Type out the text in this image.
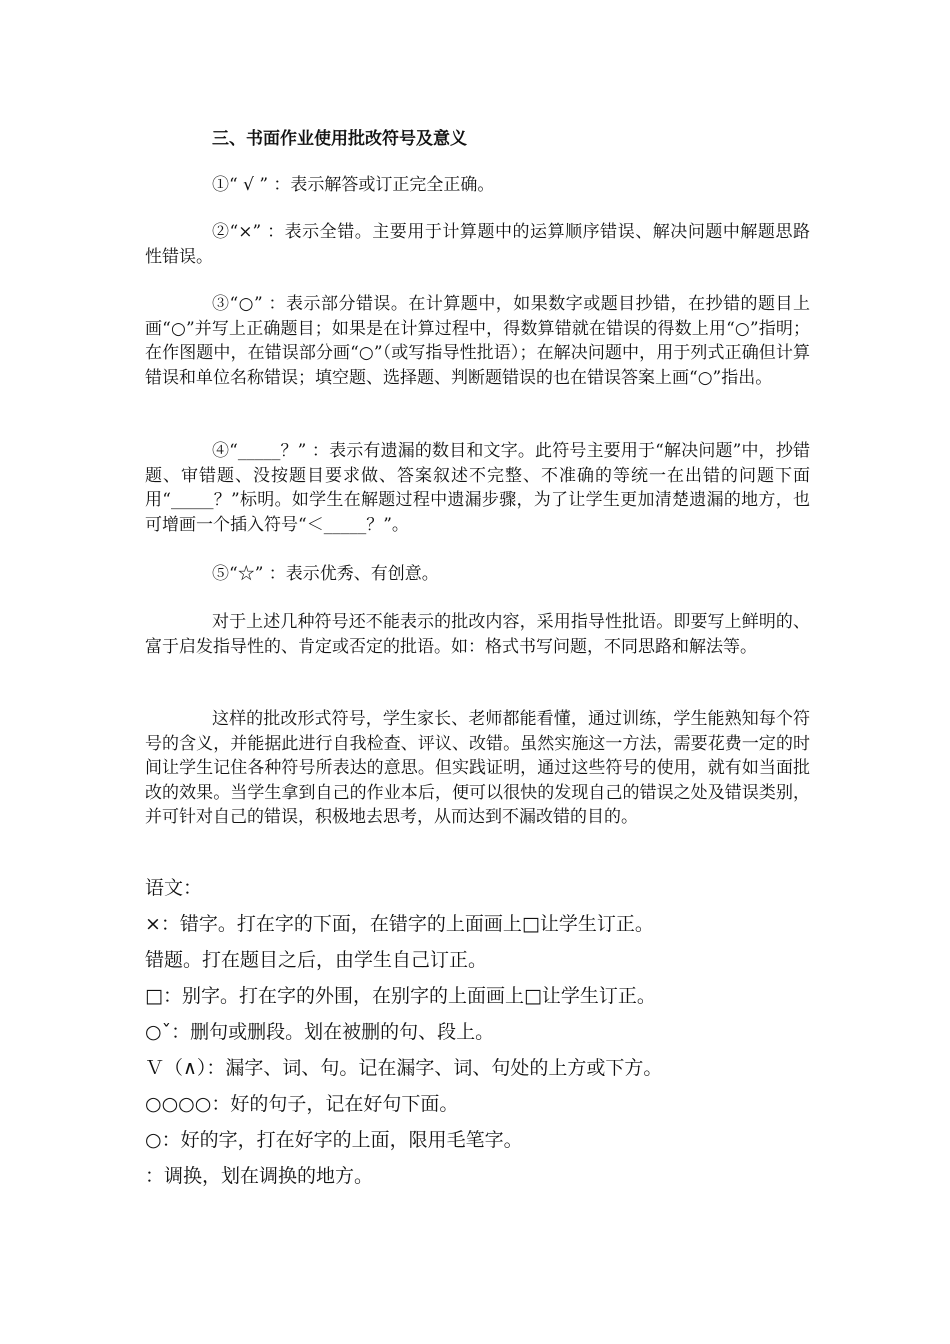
三、书面作业使用批改符号及意义

①“ √ ” ：表示解答或订正完全正确。

②“×” ：表示全错。主要用于计算题中的运算顺序错误、解决问题中解题思路性错误。

③“○” ：表示部分错误。在计算题中，如果数字或题目抄错，在抄错的题目上画“○”并写上正确题目；如果是在计算过程中，得数算错就在错误的得数上用“○”指明；在作图题中，在错误部分画“○”（或写指导性批语）；在解决问题中，用于列式正确但计算错误和单位名称错误；填空题、选择题、判断题错误的也在错误答案上画“○”指出。

④“_____？” ：表示有遗漏的数目和文字。此符号主要用于“解决问题”中，抄错题、审错题、没按题目要求做、答案叙述不完整、不准确的等统一在出错的问题下面用“_____？”标明。如学生在解题过程中遗漏步骤，为了让学生更加清楚遗漏的地方，也可增画一个插入符号“＜_____？”。

⑤“☆” ：表示优秀、有创意。

对于上述几种符号还不能表示的批改内容，采用指导性批语。即要写上鲜明的、富于启发指导性的、肯定或否定的批语。如：格式书写问题，不同思路和解法等。

这样的批改形式符号，学生家长、老师都能看懂，通过训练，学生能熟知每个符号的含义，并能据此进行自我检查、评议、改错。虽然实施这一方法，需要花费一定的时间让学生记住各种符号所表达的意思。但实践证明，通过这些符号的使用，就有如当面批改的效果。当学生拿到自己的作业本后，便可以很快的发现自己的错误之处及错误类别，并可针对自己的错误，积极地去思考，从而达到不漏改错的目的。

语文：
×：错字。打在字的下面，在错字的上面画上□让学生订正。
错题。打在题目之后，由学生自己订正。
□：别字。打在字的外围，在别字的上面画上□让学生订正。
○ˇ：删句或删段。划在被删的句、段上。
Ｖ（∧）：漏字、词、句。记在漏字、词、句处的上方或下方。
○○○○：好的句子，记在好句下面。
○：好的字，打在好字的上面，限用毛笔字。
：调换，划在调换的地方。
